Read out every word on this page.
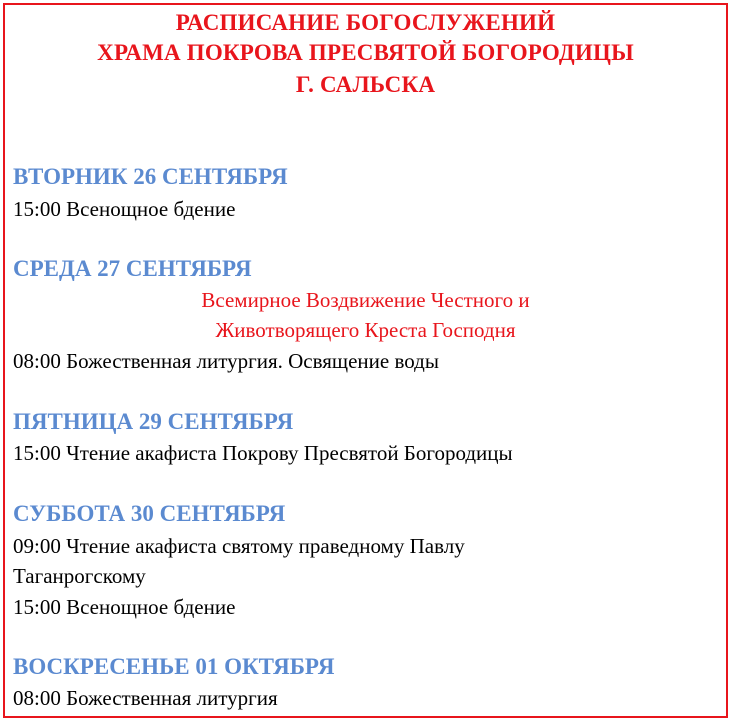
РАСПИСАНИЕ БОГОСЛУЖЕНИЙ
ХРАМА ПОКРОВА ПРЕСВЯТОЙ БОГОРОДИЦЫ
Г. САЛЬСКА
ВТОРНИК 26 СЕНТЯБРЯ
15:00 Всенощное бдение
СРЕДА 27 СЕНТЯБРЯ
Всемирное Воздвижение Честного и
Животворящего Креста Господня
08:00 Божественная литургия. Освящение воды
ПЯТНИЦА 29 СЕНТЯБРЯ
15:00 Чтение акафиста Покрову Пресвятой Богородицы
СУББОТА 30 СЕНТЯБРЯ
09:00 Чтение акафиста святому праведному Павлу
Таганрогскому
15:00 Всенощное бдение
ВОСКРЕСЕНЬЕ 01 ОКТЯБРЯ
08:00 Божественная литургия
